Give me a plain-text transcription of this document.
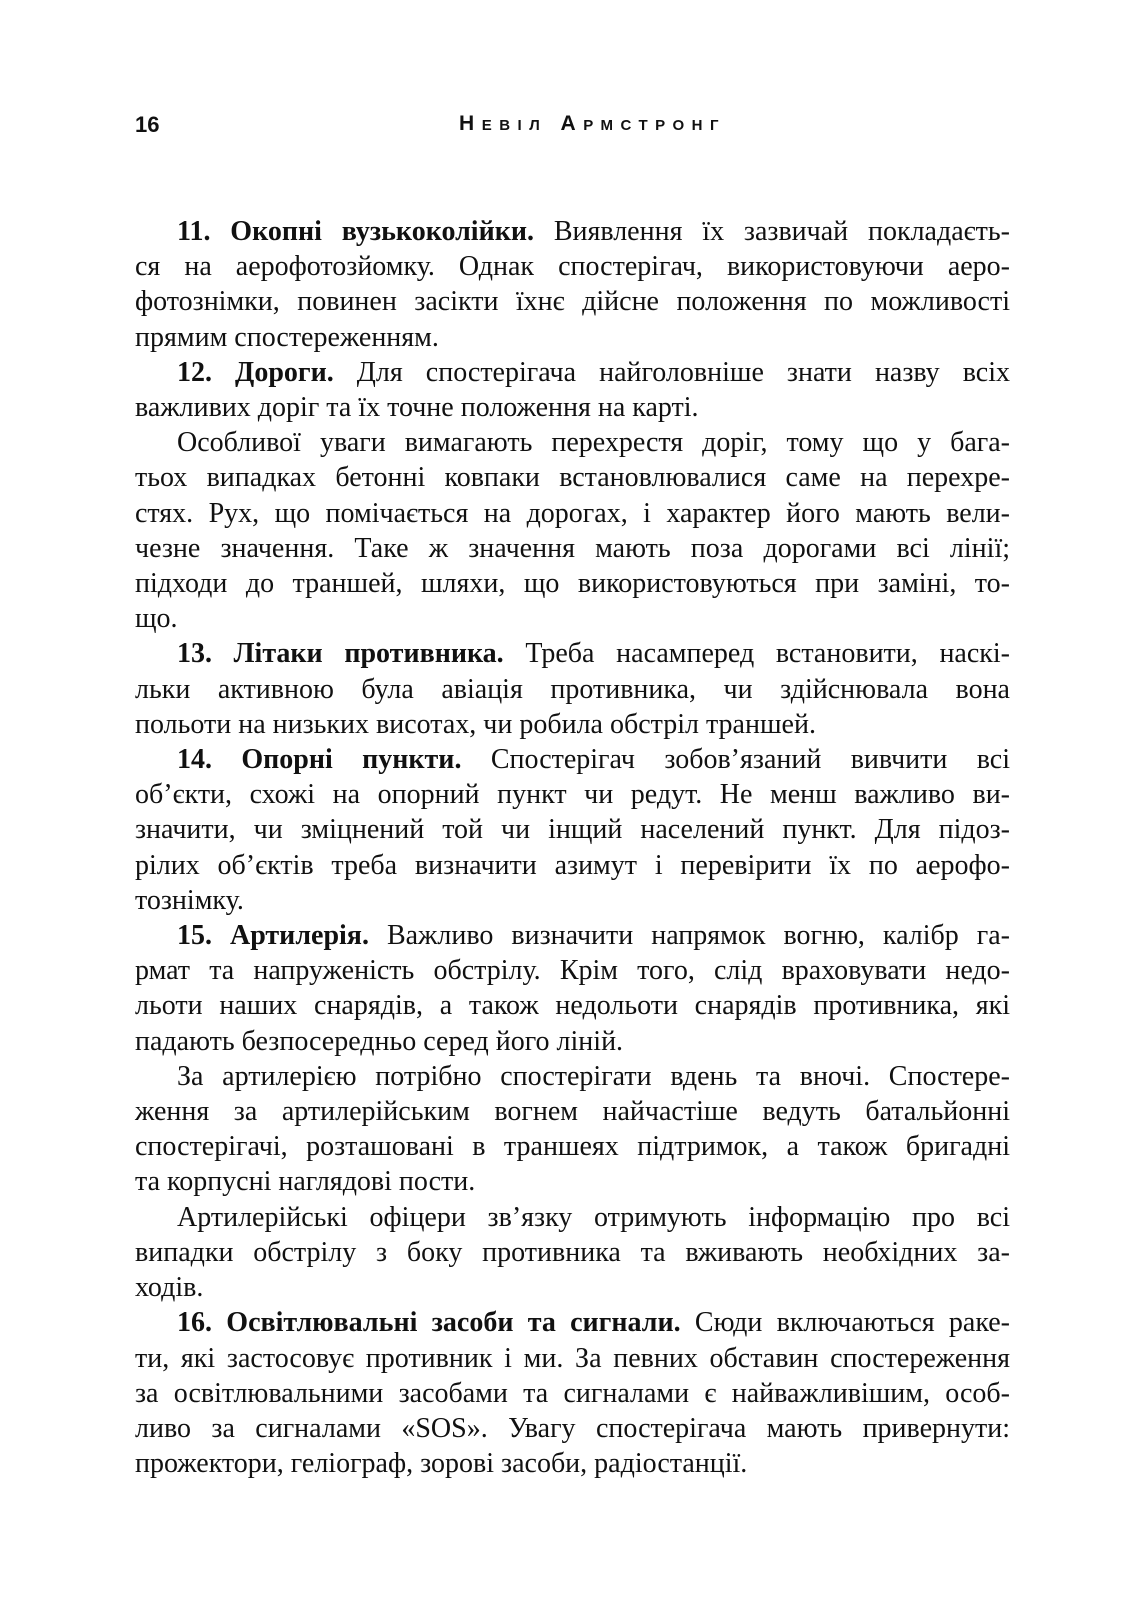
16	Невіл Армстронг
11. Окопні вузькоколійки. Виявлення їх зазвичай покладаєть-
ся на аерофотозйомку. Однак спостерігач, використовуючи аеро-
фотознімки, повинен засікти їхнє дійсне положення по можливості
прямим спостереженням.
12. Дороги. Для спостерігача найголовніше знати назву всіх
важливих доріг та їх точне положення на карті.
Особливої уваги вимагають перехрестя доріг, тому що у бага-
тьох випадках бетонні ковпаки встановлювалися саме на перехре-
стях. Рух, що помічається на дорогах, і характер його мають вели-
чезне значення. Таке ж значення мають поза дорогами всі лінії;
підходи до траншей, шляхи, що використовуються при заміні, то-
що.
13. Літаки противника. Треба насамперед встановити, наскі-
льки активною була авіація противника, чи здійснювала вона
польоти на низьких висотах, чи робила обстріл траншей.
14. Опорні пункти. Спостерігач зобов’язаний вивчити всі
об’єкти, схожі на опорний пункт чи редут. Не менш важливо ви-
значити, чи зміцнений той чи інщий населений пункт. Для підоз-
рілих об’єктів треба визначити азимут і перевірити їх по аерофо-
тознімку.
15. Артилерія. Важливо визначити напрямок вогню, калібр га-
рмат та напруженість обстрілу. Крім того, слід враховувати недо-
льоти наших снарядів, а також недольоти снарядів противника, які
падають безпосередньо серед його ліній.
За артилерією потрібно спостерігати вдень та вночі. Спостере-
ження за артилерійським вогнем найчастіше ведуть батальйонні
спостерігачі, розташовані в траншеях підтримок, а також бригадні
та корпусні наглядові пости.
Артилерійські офіцери зв’язку отримують інформацію про всі
випадки обстрілу з боку противника та вживають необхідних за-
ходів.
16. Освітлювальні засоби та сигнали. Сюди включаються раке-
ти, які застосовує противник і ми. За певних обставин спостереження
за освітлювальними засобами та сигналами є найважливішим, особ-
ливо за сигналами «SOS». Увагу спостерігача мають привернути:
прожектори, геліограф, зорові засоби, радіостанції.
